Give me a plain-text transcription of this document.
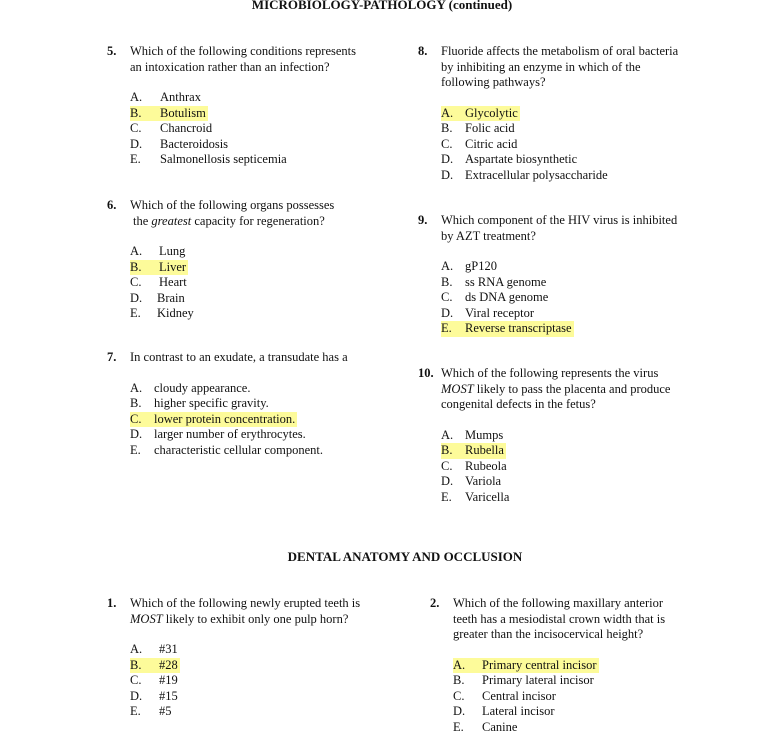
MICROBIOLOGY-PATHOLOGY (continued)
5. Which of the following conditions represents
an intoxication rather than an infection?
A. Anthrax
B. Botulism
C. Chancroid
D. Bacteroidosis
E. Salmonellosis septicemia
6. Which of the following organs possesses
the greatest capacity for regeneration?
A. Lung
B. Liver
C. Heart
D. Brain
E. Kidney
7. In contrast to an exudate, a transudate has a
A. cloudy appearance.
B. higher specific gravity.
C. lower protein concentration.
D. larger number of erythrocytes.
E. characteristic cellular component.
8. Fluoride affects the metabolism of oral bacteria
by inhibiting an enzyme in which of the
following pathways?
A. Glycolytic
B. Folic acid
C. Citric acid
D. Aspartate biosynthetic
D. Extracellular polysaccharide
9. Which component of the HIV virus is inhibited
by AZT treatment?
A. gP120
B. ss RNA genome
C. ds DNA genome
D. Viral receptor
E. Reverse transcriptase
10. Which of the following represents the virus
MOST likely to pass the placenta and produce
congenital defects in the fetus?
A. Mumps
B. Rubella
C. Rubeola
D. Variola
E. Varicella
DENTAL ANATOMY AND OCCLUSION
1. Which of the following newly erupted teeth is
MOST likely to exhibit only one pulp horn?
A. #31
B. #28
C. #19
D. #15
E. #5
2. Which of the following maxillary anterior
teeth has a mesiodistal crown width that is
greater than the incisocervical height?
A. Primary central incisor
B. Primary lateral incisor
C. Central incisor
D. Lateral incisor
E. Canine
